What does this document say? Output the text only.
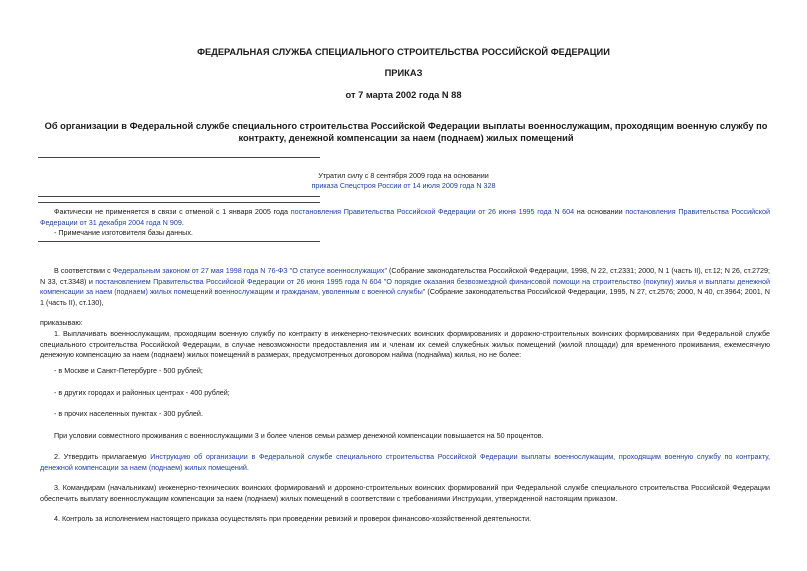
ФЕДЕРАЛЬНАЯ СЛУЖБА СПЕЦИАЛЬНОГО СТРОИТЕЛЬСТВА РОССИЙСКОЙ ФЕДЕРАЦИИ
ПРИКАЗ
от 7 марта 2002 года N 88
Об организации в Федеральной службе специального строительства Российской Федерации выплаты военнослужащим, проходящим военную службу по контракту, денежной компенсации за наем (поднаем) жилых помещений
Утратил силу с 8 сентября 2009 года на основании
приказа Спецстроя России от 14 июля 2009 года N 328
Фактически не применяется в связи с отменой с 1 января 2005 года постановления Правительства Российской Федерации от 26 июня 1995 года N 604 на основании постановления Правительства Российской Федерации от 31 декабря 2004 года N 909.
- Примечание изготовителя базы данных.
В соответствии с Федеральным законом от 27 мая 1998 года N 76-ФЗ "О статусе военнослужащих" (Собрание законодательства Российской Федерации, 1998, N 22, ст.2331; 2000, N 1 (часть II), ст.12; N 26, ст.2729; N 33, ст.3348) и постановлением Правительства Российской Федерации от 26 июня 1995 года N 604 "О порядке оказания безвозмездной финансовой помощи на строительство (покупку) жилья и выплаты денежной компенсации за наем (поднаем) жилых помещений военнослужащим и гражданам, уволенным с военной службы" (Собрание законодательства Российской Федерации, 1995, N 27, ст.2576; 2000, N 40, ст.3964; 2001, N 1 (часть II), ст.130),
приказываю:
1. Выплачивать военнослужащим, проходящим военную службу по контракту в инженерно-технических воинских формированиях и дорожно-строительных воинских формированиях при Федеральной службе специального строительства Российской Федерации, в случае невозможности предоставления им и членам их семей служебных жилых помещений (жилой площади) для временного проживания, ежемесячную денежную компенсацию за наем (поднаем) жилых помещений в размерах, предусмотренных договором найма (поднайма) жилья, но не более:
- в Москве и Санкт-Петербурге - 500 рублей;
- в других городах и районных центрах - 400 рублей;
- в прочих населенных пунктах - 300 рублей.
При условии совместного проживания с военнослужащими 3 и более членов семьи размер денежной компенсации повышается на 50 процентов.
2. Утвердить прилагаемую Инструкцию об организации в Федеральной службе специального строительства Российской Федерации выплаты военнослужащим, проходящим военную службу по контракту, денежной компенсации за наем (поднаем) жилых помещений.
3. Командирам (начальникам) инженерно-технических воинских формирований и дорожно-строительных воинских формирований при Федеральной службе специального строительства Российской Федерации обеспечить выплату военнослужащим компенсации за наем (поднаем) жилых помещений в соответствии с требованиями Инструкции, утвержденной настоящим приказом.
4. Контроль за исполнением настоящего приказа осуществлять при проведении ревизий и проверок финансово-хозяйственной деятельности.
